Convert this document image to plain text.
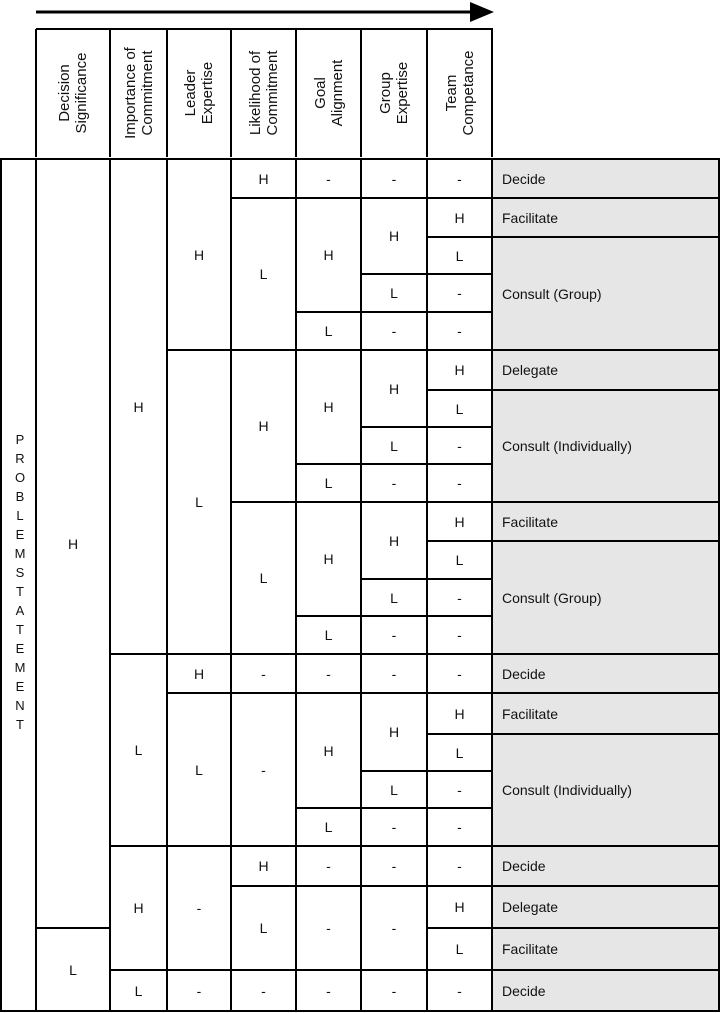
Decision
Significance Importance of
Commitment Leader
Expertise Likelihood of
Commitment Goal
Alignment Group
Expertise Team
Competance
Decide
Facilitate
Consult (Group)
Delegate
Consult (Individually)
Facilitate
Consult (Group)
Decide
Facilitate
Consult (Individually)
Decide
Delegate
Facilitate
Decide
H
L
H
L
H
L
H
L
H
L
-
-
H
L
H
L
-
-
H
L
-
-
H
L
H
L
H
L
-
H
L
-
-
-
-
H
L
-
H
L
-
H
L
-
-
H
L
-
-
-
-
-
H
L
-
-
H
L
-
-
H
L
-
-
-
H
L
-
-
-
H
L
-
PROBLEM STATEMENT
